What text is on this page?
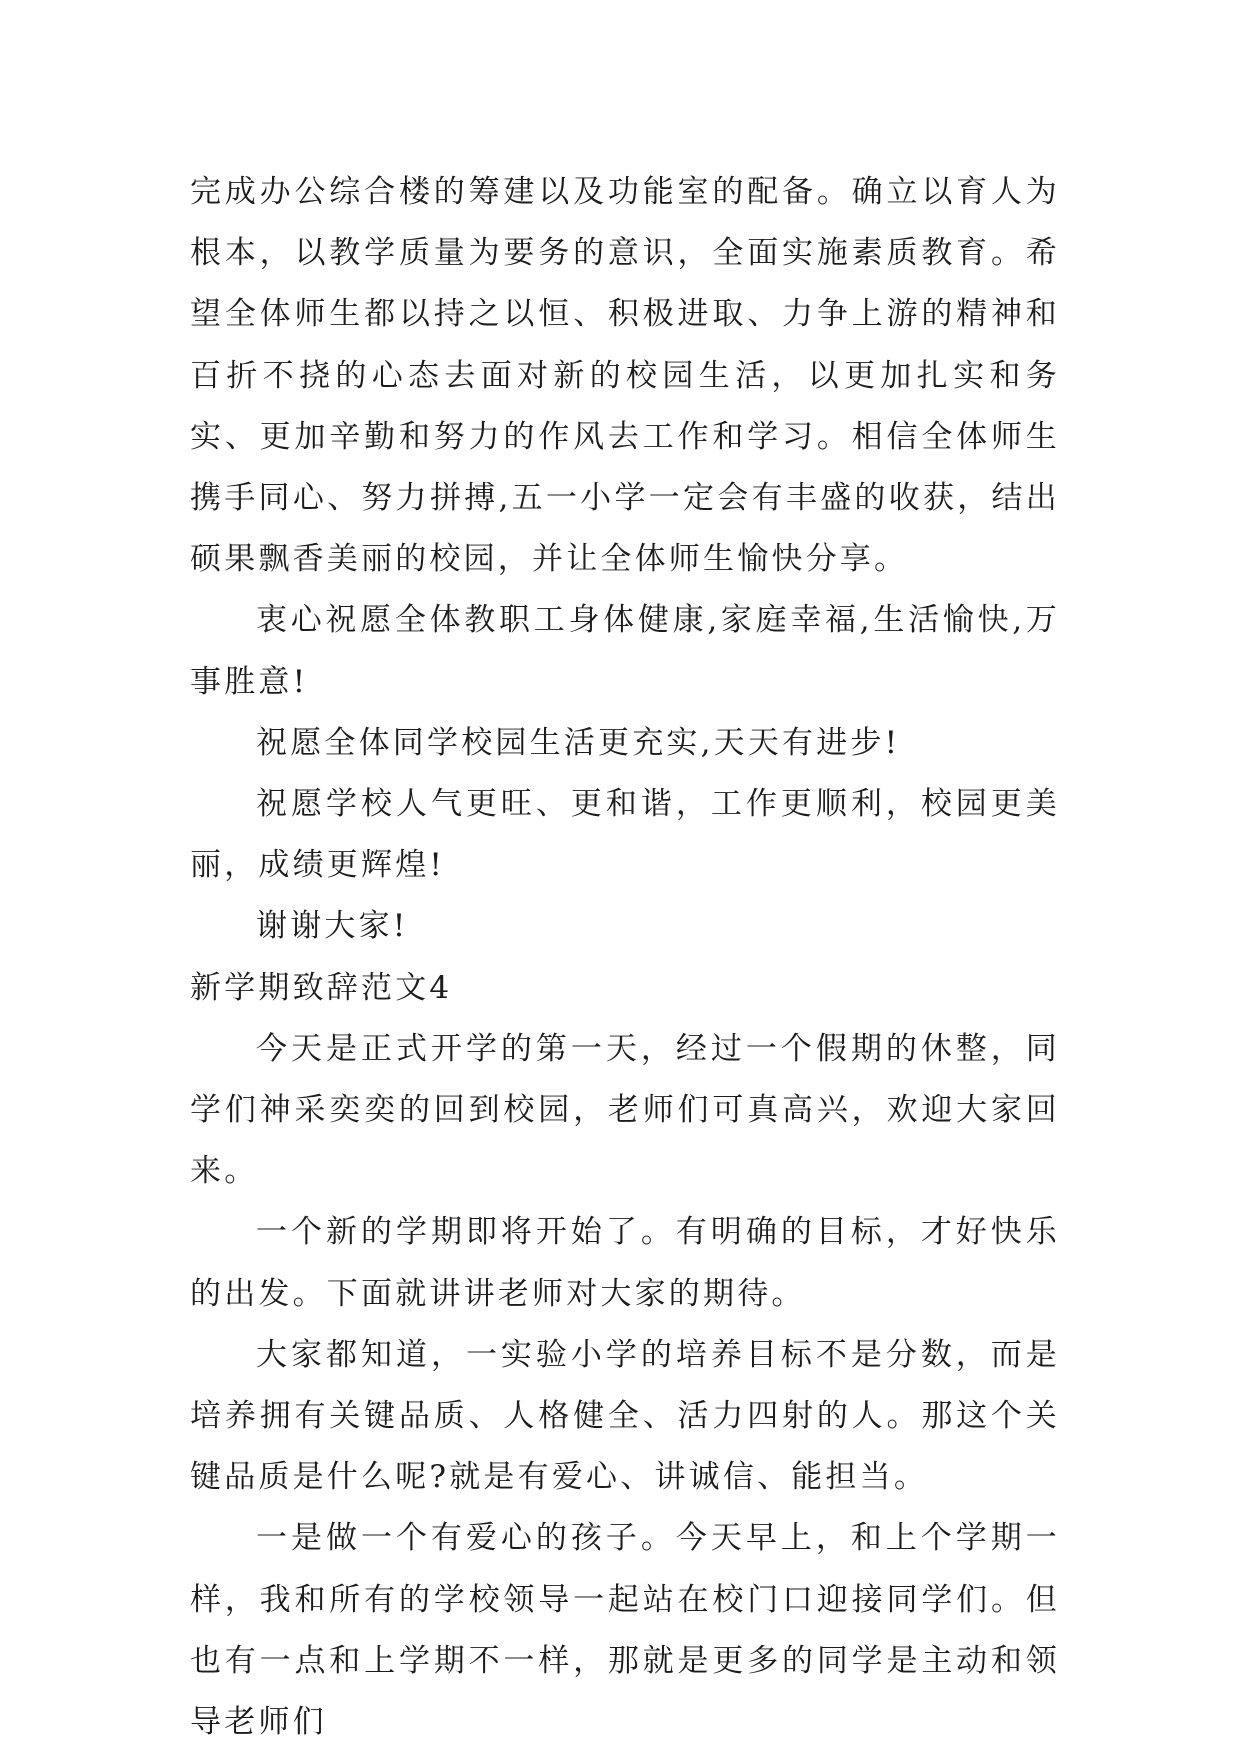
完成办公综合楼的筹建以及功能室的配备。确立以育人为根本，以教学质量为要务的意识，全面实施素质教育。希望全体师生都以持之以恒、积极进取、力争上游的精神和百折不挠的心态去面对新的校园生活，以更加扎实和务实、更加辛勤和努力的作风去工作和学习。相信全体师生携手同心、努力拼搏,五一小学一定会有丰盛的收获，结出硕果飘香美丽的校园，并让全体师生愉快分享。

衷心祝愿全体教职工身体健康,家庭幸福,生活愉快,万事胜意!

祝愿全体同学校园生活更充实,天天有进步!

祝愿学校人气更旺、更和谐，工作更顺利，校园更美丽，成绩更辉煌!

谢谢大家!

新学期致辞范文4

今天是正式开学的第一天，经过一个假期的休整，同学们神采奕奕的回到校园，老师们可真高兴，欢迎大家回来。

一个新的学期即将开始了。有明确的目标，才好快乐的出发。下面就讲讲老师对大家的期待。

大家都知道，一实验小学的培养目标不是分数，而是培养拥有关键品质、人格健全、活力四射的人。那这个关键品质是什么呢?就是有爱心、讲诚信、能担当。

一是做一个有爱心的孩子。今天早上，和上个学期一样，我和所有的学校领导一起站在校门口迎接同学们。但也有一点和上学期不一样，那就是更多的同学是主动和领导老师们
